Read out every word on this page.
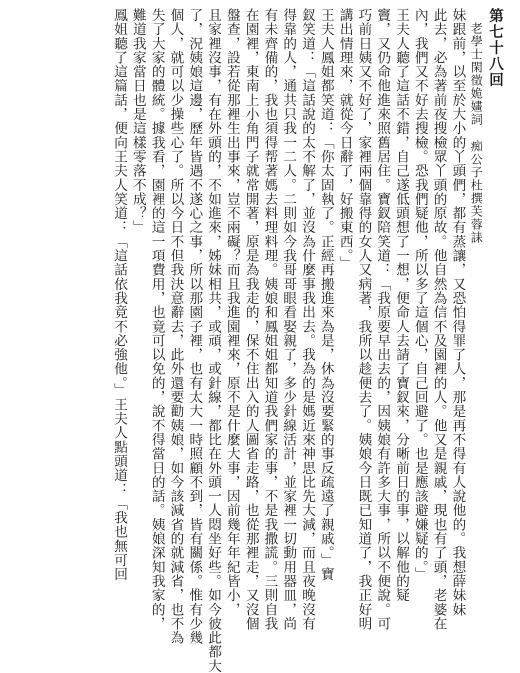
第七十八回
老學士閑徵姽嫿詞痴公子杜撰芙蓉誄
妹跟前，以至於大小的丫頭們，都有蒸讓，又恐怕得罪了人，那是再不得有人說他的。我想薛妹妹
此去，必為著前夜搜檢眾丫頭的原故。他自然為信不及園裡的人。他又是親戚，現也有了頭，老婆在
內，我們又不好去搜檢。恐我們疑他，所以多了這個心，自己回避了。也是應該避嫌疑的。」
王夫人聽了這話不錯，自己遂低頭想了一想，便命人去請了寶釵來，分晰前日的事，以解他的疑
竇，又仍命他進來照舊居住。寶釵陪笑道：「我原要早出去的，因姨娘有許多大事，所以不便說。可
巧前日姨又不好了，家裡兩個靠得的女人又病著，我所以趁便去了。姨娘今日既已知道了，我正好明
講出情理來，就從今日辭了，好搬東西。」
王夫人鳳姐都笑道：「你太固執了。正經再搬進來為是，休為沒要緊的事反疏遠了親戚。」寶
釵笑道：「這話說的太不解了，並沒為什麼事我出去。我為的是媽近來神思比先大減，而且夜晚沒有
得靠的人，通共只我一二人。二則如今我哥哥眼看娶親了，多少針線活計，並家裡一切動用器皿，尚
有未齊備的，我也須得帮著媽去料理料理。姨娘和鳳姐姐都知道我們家的事，不是我撒謊。三則自我
在園裡，東南上小角門子就常開著，原是為我走的，保不住出入的人圖省走路，也從那裡走，又沒個
盤查，設若從那裡生出事來，豈不兩礙？而且我進園裡來，原不是什麼大事，因前幾年年紀皆小，
且家裡沒事，有在外頭的，不如進來，姊妹相共，或頑，或針線，都比在外頭一人悶坐好些。如今彼此都大
了，況姨娘這邊，歷年皆遇不遂心之事，所以那園子裡，也有太大一時照顧不到，皆有關係。惟有少幾
個人，就可以少操些心了。所以今日不但我決意辭去，此外還要勸姨娘，如今該減省的就減省，也不為
失了大家的體統。據我看，園裡的這一項費用，也竟可以免的，說不得當日的話。姨娘深知我家的，
難道我家當日也是這樣零落不成？」
鳳姐聽了這篇話，便向王夫人笑道：「這話依我竟不必強他。」王夫人點頭道：「我也無可回
